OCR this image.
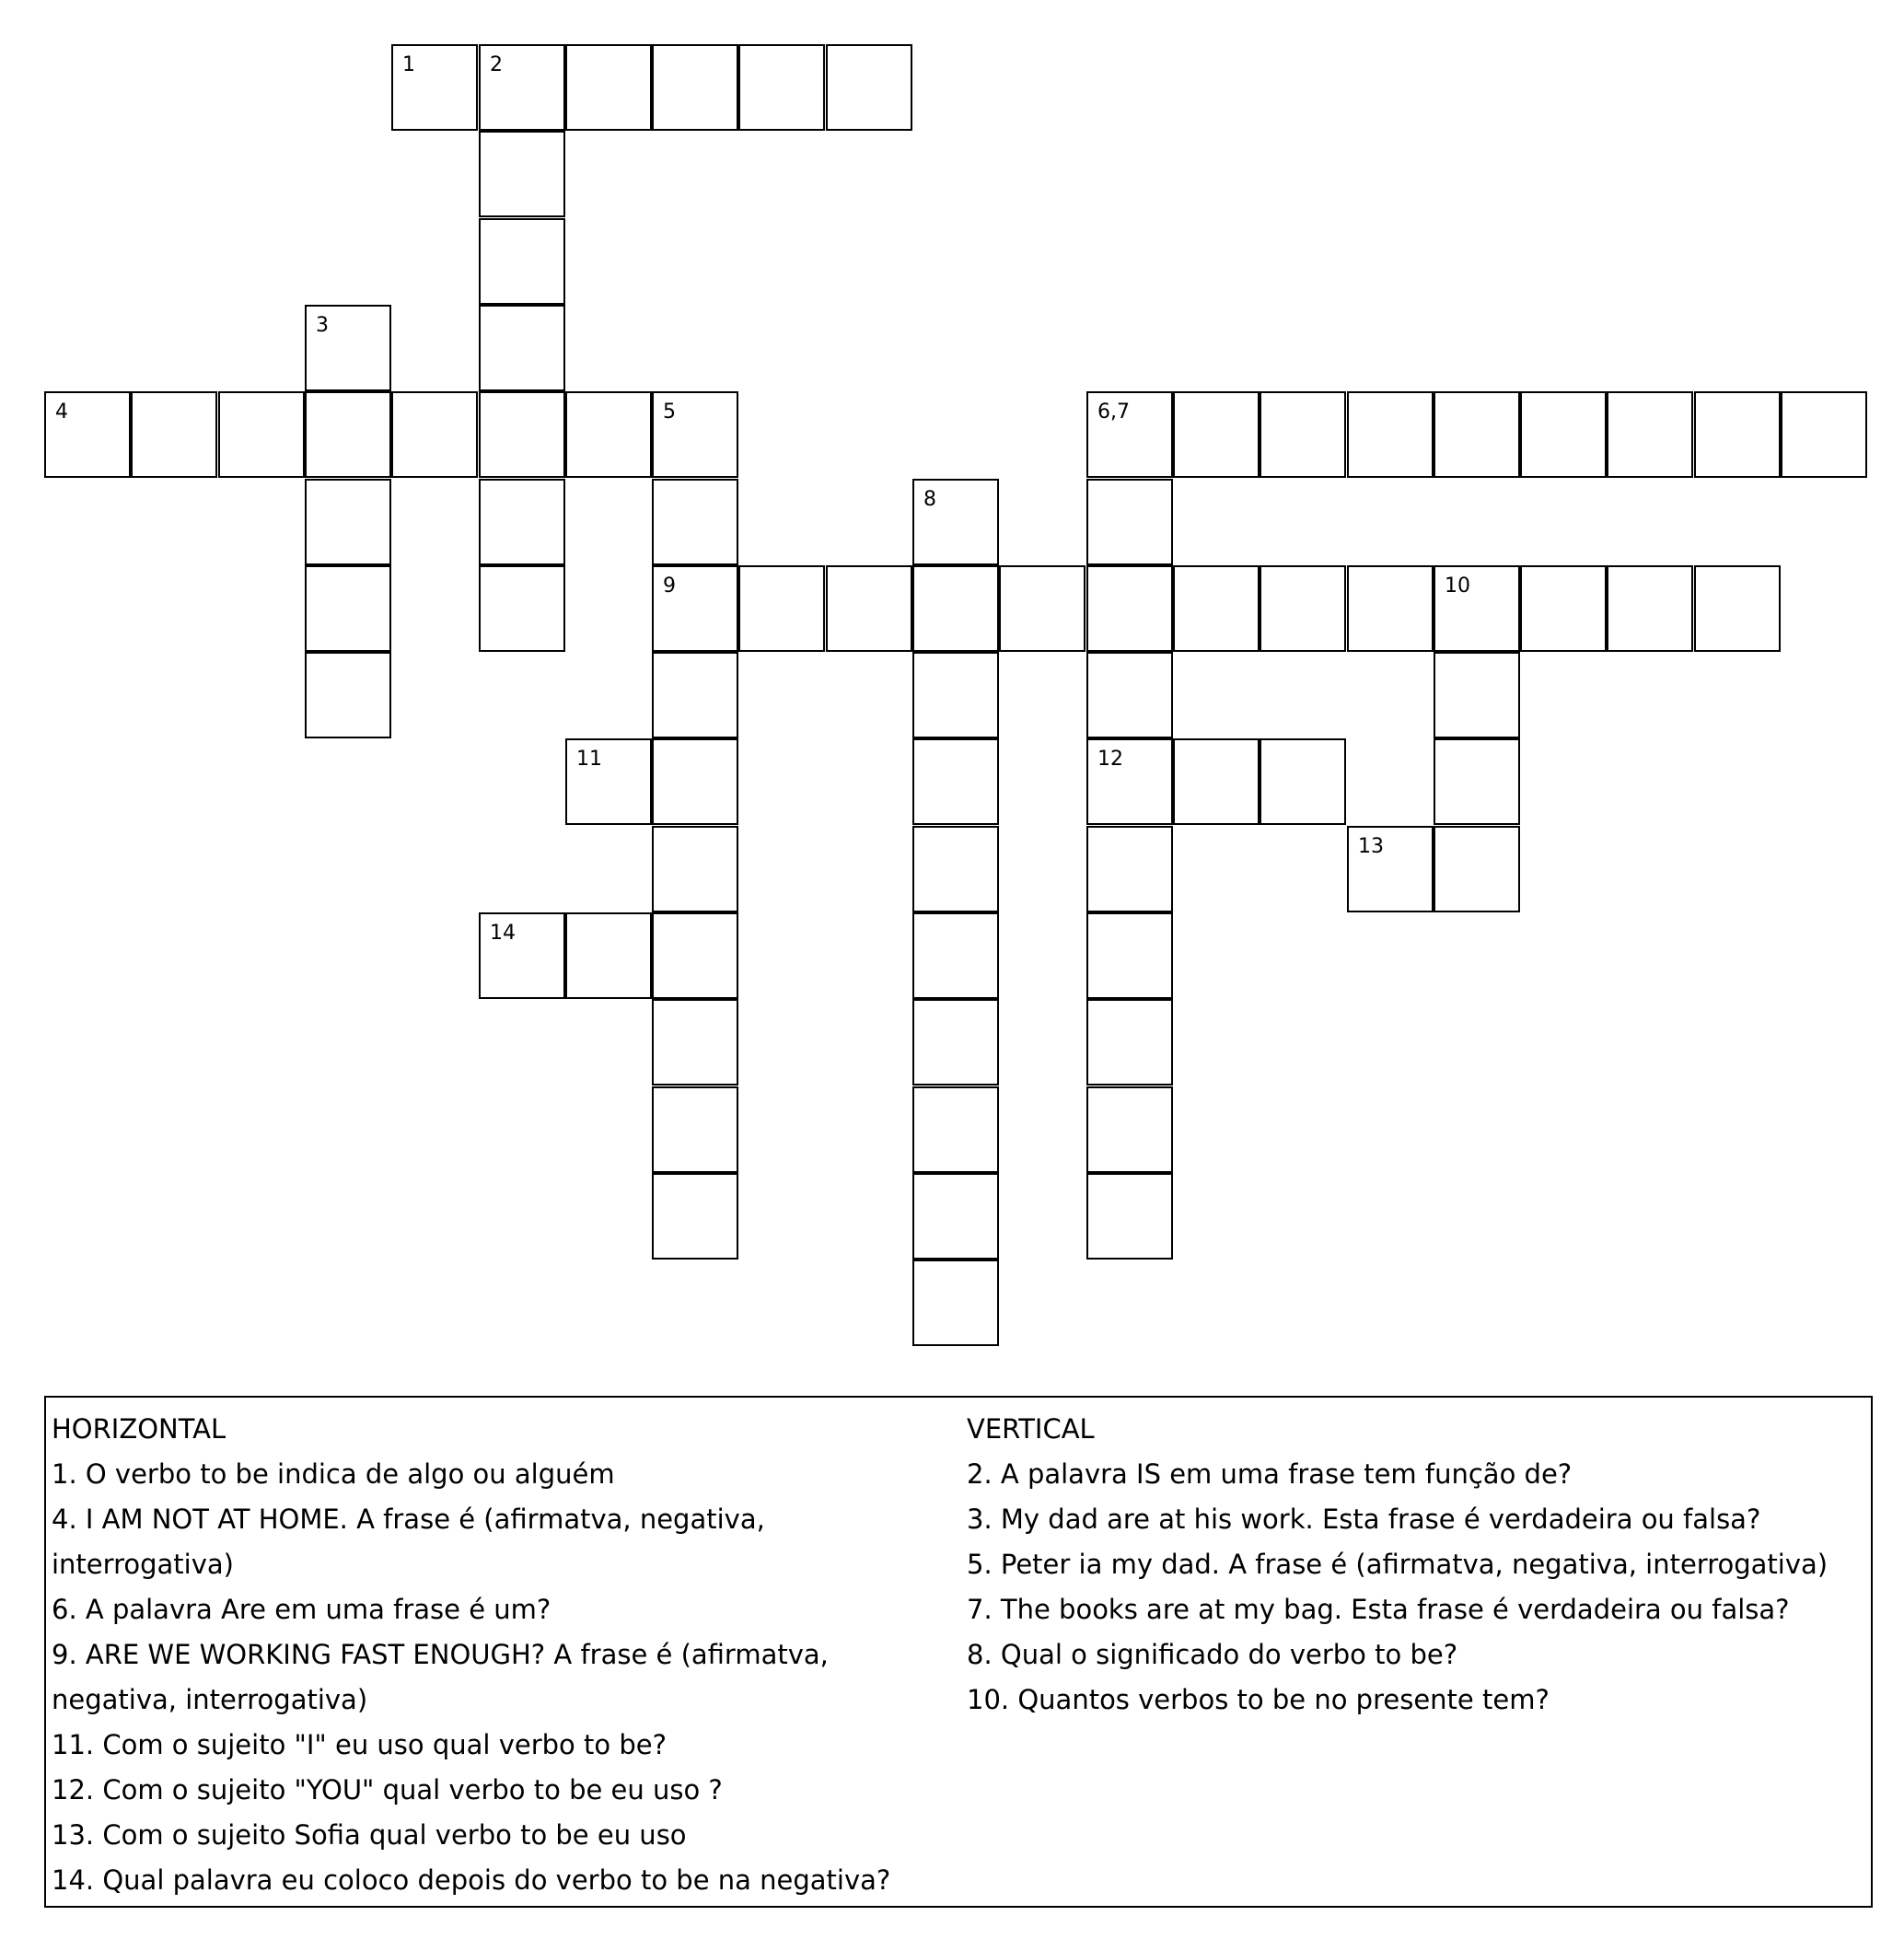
1	2
3
4	5	6,7
8
9	10
11	12
13
14
HORIZONTAL

1. O verbo to be indica de algo ou alguém

4. I AM NOT AT HOME. A frase é (afirmatva, negativa, interrogativa)

6. A palavra Are em uma frase é um?

9. ARE WE WORKING FAST ENOUGH? A frase é (afirmatva, negativa, interrogativa)

11. Com o sujeito "I" eu uso qual verbo to be?

12. Com o sujeito "YOU" qual verbo to be eu uso ?

13. Com o sujeito Sofia qual verbo to be eu uso

14. Qual palavra eu coloco depois do verbo to be na negativa?

VERTICAL

2. A palavra IS em uma frase tem função de?

3. My dad are at his work. Esta frase é verdadeira ou falsa?

5. Peter ia my dad. A frase é (afirmatva, negativa, interrogativa)

7. The books are at my bag. Esta frase é verdadeira ou falsa?

8. Qual o significado do verbo to be?

10. Quantos verbos to be no presente tem?
